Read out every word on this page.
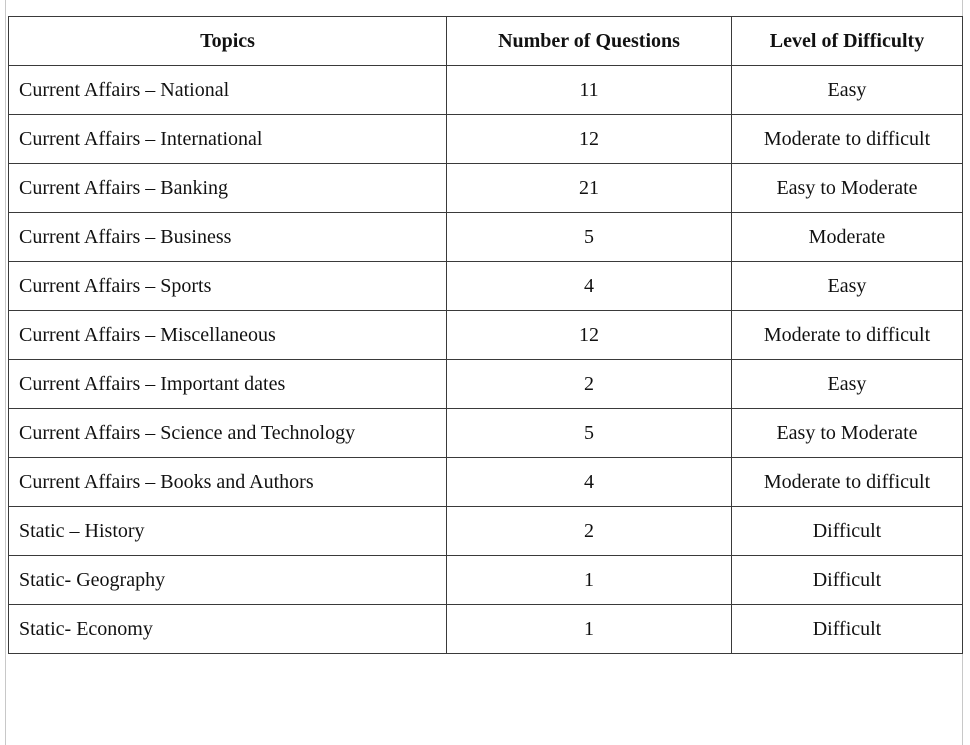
Topics	Number of Questions	Level of Difficulty
Current Affairs – National	11	Easy
Current Affairs – International	12	Moderate to difficult
Current Affairs – Banking	21	Easy to Moderate
Current Affairs – Business	5	Moderate
Current Affairs – Sports	4	Easy
Current Affairs – Miscellaneous	12	Moderate to difficult
Current Affairs – Important dates	2	Easy
Current Affairs – Science and Technology	5	Easy to Moderate
Current Affairs – Books and Authors	4	Moderate to difficult
Static – History	2	Difficult
Static- Geography	1	Difficult
Static- Economy	1	Difficult
